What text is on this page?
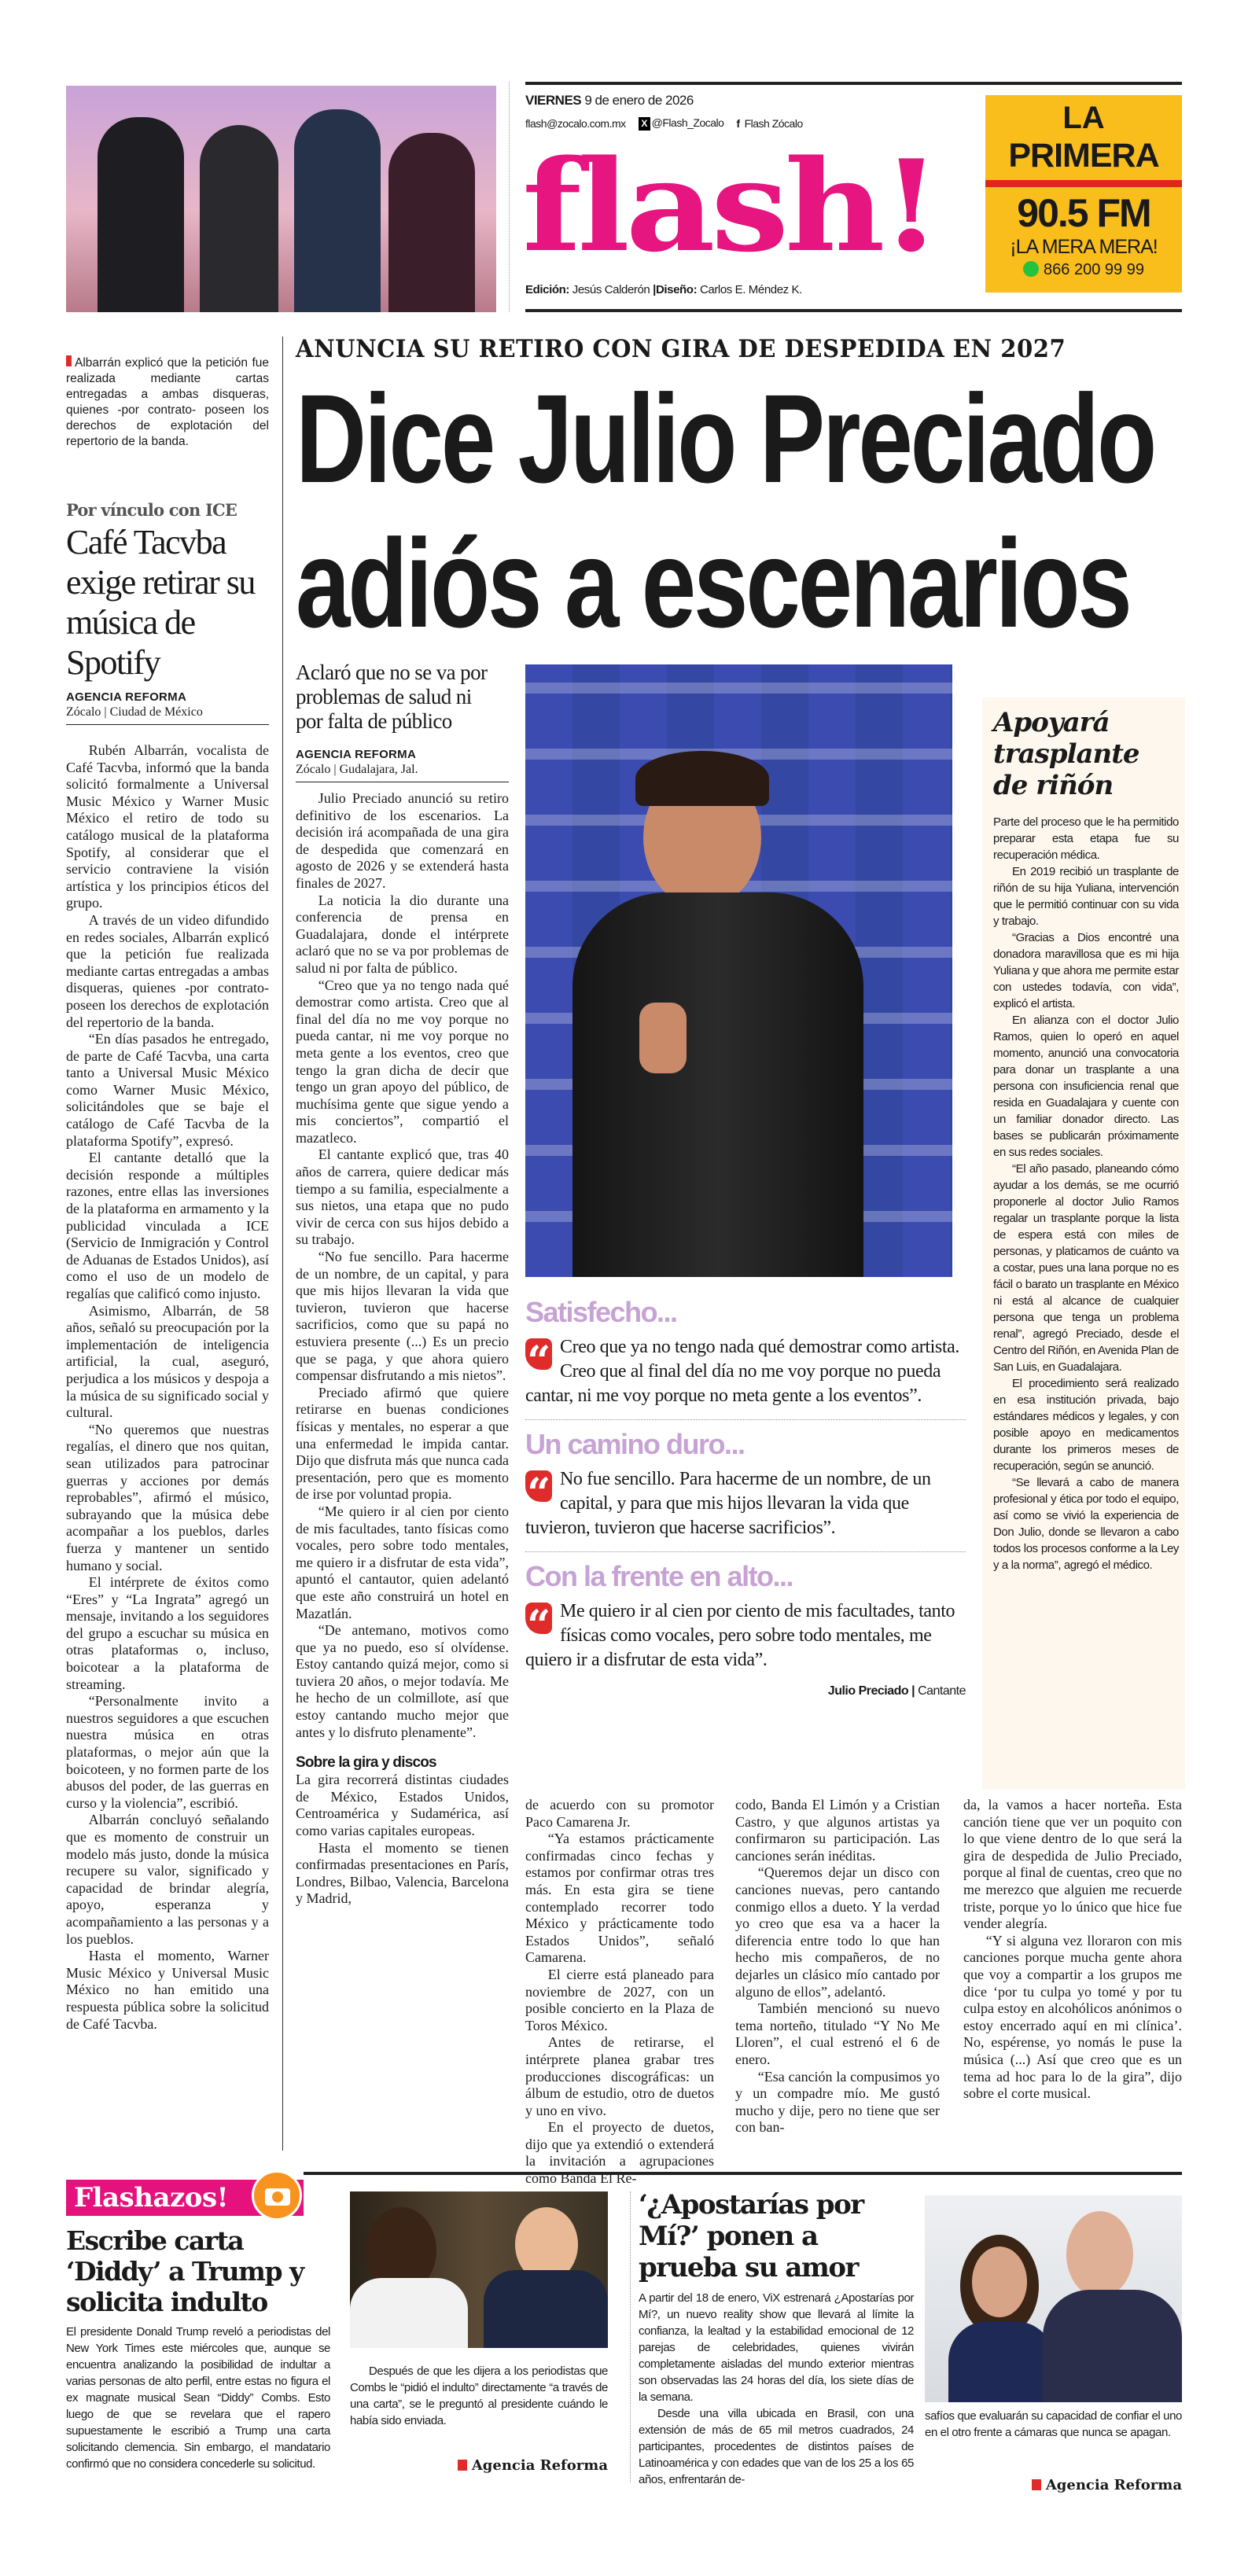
Albarrán explicó que la petición fue realizada mediante cartas entregadas a ambas disqueras, quienes -por contrato- poseen los derechos de explotación del repertorio de la banda.
VIERNES 9 de enero de 2026
flash@zocalo.com.mx	X @Flash_Zocalo f Flash Zócalo
flash!
Edición: Jesús Calderón |Diseño: Carlos E. Méndez K.
LA
PRIMERA
90.5 FM
¡LA MERA MERA!
866 200 99 99
Por vínculo con ICE
Café Tacvba exige retirar su música de Spotify
AGENCIA REFORMA
Zócalo | Ciudad de México

Rubén Albarrán, vocalista de Café Tacvba, informó que la banda solicitó formalmente a Universal Music México y Warner Music México el retiro de todo su catálogo musical de la plataforma Spotify, al considerar que el servicio contraviene la visión artística y los principios éticos del grupo.

A través de un video difundido en redes sociales, Albarrán explicó que la petición fue realizada mediante cartas entregadas a ambas disqueras, quienes -por contrato- poseen los derechos de explotación del repertorio de la banda.

“En días pasados he entregado, de parte de Café Tacvba, una carta tanto a Universal Music México como Warner Music México, solicitándoles que se baje el catálogo de Café Tacvba de la plataforma Spotify”, expresó.

El cantante detalló que la decisión responde a múltiples razones, entre ellas las inversiones de la plataforma en armamento y la publicidad vinculada a ICE (Servicio de Inmigración y Control de Aduanas de Estados Unidos), así como el uso de un modelo de regalías que calificó como injusto.

Asimismo, Albarrán, de 58 años, señaló su preocupación por la implementación de inteligencia artificial, la cual, aseguró, perjudica a los músicos y despoja a la música de su significado social y cultural.

“No queremos que nuestras regalías, el dinero que nos quitan, sean utilizados para patrocinar guerras y acciones por demás reprobables”, afirmó el músico, subrayando que la música debe acompañar a los pueblos, darles fuerza y mantener un sentido humano y social.

El intérprete de éxitos como “Eres” y “La Ingrata” agregó un mensaje, invitando a los seguidores del grupo a escuchar su música en otras plataformas o, incluso, boicotear a la plataforma de streaming.

“Personalmente invito a nuestros seguidores a que escuchen nuestra música en otras plataformas, o mejor aún que la boicoteen, y no formen parte de los abusos del poder, de las guerras en curso y la violencia”, escribió.

Albarrán concluyó señalando que es momento de construir un modelo más justo, donde la música recupere su valor, significado y capacidad de brindar alegría, apoyo, esperanza y acompañamiento a las personas y a los pueblos.

Hasta el momento, Warner Music México y Universal Music México no han emitido una respuesta pública sobre la solicitud de Café Tacvba.

ANUNCIA SU RETIRO CON GIRA DE DESPEDIDA EN 2027
Dice Julio Preciado
adiós a escenarios
Aclaró que no se va por problemas de salud ni por falta de público
AGENCIA REFORMA
Zócalo | Gudalajara, Jal.

Julio Preciado anunció su retiro definitivo de los escenarios. La decisión irá acompañada de una gira de despedida que comenzará en agosto de 2026 y se extenderá hasta finales de 2027.

La noticia la dio durante una conferencia de prensa en Guadalajara, donde el intérprete aclaró que no se va por problemas de salud ni por falta de público.

“Creo que ya no tengo nada qué demostrar como artista. Creo que al final del día no me voy porque no pueda cantar, ni me voy porque no meta gente a los eventos, creo que tengo la gran dicha de decir que tengo un gran apoyo del público, de muchísima gente que sigue yendo a mis conciertos”, compartió el mazatleco.

El cantante explicó que, tras 40 años de carrera, quiere dedicar más tiempo a su familia, especialmente a sus nietos, una etapa que no pudo vivir de cerca con sus hijos debido a su trabajo.

“No fue sencillo. Para hacerme de un nombre, de un capital, y para que mis hijos llevaran la vida que tuvieron, tuvieron que hacerse sacrificios, como que su papá no estuviera presente (...) Es un precio que se paga, y que ahora quiero compensar disfrutando a mis nietos”.

Preciado afirmó que quiere retirarse en buenas condiciones físicas y mentales, no esperar a que una enfermedad le impida cantar. Dijo que disfruta más que nunca cada presentación, pero que es momento de irse por voluntad propia.

“Me quiero ir al cien por ciento de mis facultades, tanto físicas como vocales, pero sobre todo mentales, me quiero ir a disfrutar de esta vida”, apuntó el cantautor, quien adelantó que este año construirá un hotel en Mazatlán.

“De antemano, motivos como que ya no puedo, eso sí olvídense. Estoy cantando quizá mejor, como si tuviera 20 años, o mejor todavía. Me he hecho de un colmillote, así que estoy cantando mucho mejor que antes y lo disfruto plenamente”.

Sobre la gira y discos

La gira recorrerá distintas ciudades de México, Estados Unidos, Centroamérica y Sudamérica, así como varias capitales europeas.

Hasta el momento se tienen confirmadas presentaciones en París, Londres, Bilbao, Valencia, Barcelona y Madrid,

Satisfecho...
“ Creo que ya no tengo nada qué demostrar como artista. Creo que al final del día no me voy porque no pueda cantar, ni me voy porque no meta gente a los eventos”.
Un camino duro...
“ No fue sencillo. Para hacerme de un nombre, de un capital, y para que mis hijos llevaran la vida que tuvieron, tuvieron que hacerse sacrificios”.
Con la frente en alto...
“ Me quiero ir al cien por ciento de mis facultades, tanto físicas como vocales, pero sobre todo mentales, me quiero ir a disfrutar de esta vida”.
Julio Preciado | Cantante
Apoyará trasplante de riñón

Parte del proceso que le ha permitido preparar esta etapa fue su recuperación médica.

En 2019 recibió un trasplante de riñón de su hija Yuliana, intervención que le permitió continuar con su vida y trabajo.

“Gracias a Dios encontré una donadora maravillosa que es mi hija Yuliana y que ahora me permite estar con ustedes todavía, con vida”, explicó el artista.

En alianza con el doctor Julio Ramos, quien lo operó en aquel momento, anunció una convocatoria para donar un trasplante a una persona con insuficiencia renal que resida en Guadalajara y cuente con un familiar donador directo. Las bases se publicarán próximamente en sus redes sociales.

“El año pasado, planeando cómo ayudar a los demás, se me ocurrió proponerle al doctor Julio Ramos regalar un trasplante porque la lista de espera está con miles de personas, y platicamos de cuánto va a costar, pues una lana porque no es fácil o barato un trasplante en México ni está al alcance de cualquier persona que tenga un problema renal”, agregó Preciado, desde el Centro del Riñón, en Avenida Plan de San Luis, en Guadalajara.

El procedimiento será realizado en esa institución privada, bajo estándares médicos y legales, y con posible apoyo en medicamentos durante los primeros meses de recuperación, según se anunció.

“Se llevará a cabo de manera profesional y ética por todo el equipo, así como se vivió la experiencia de Don Julio, donde se llevaron a cabo todos los procesos conforme a la Ley y a la norma”, agregó el médico.

de acuerdo con su promotor Paco Camarena Jr.

“Ya estamos prácticamente confirmadas cinco fechas y estamos por confirmar otras tres más. En esta gira se tiene contemplado recorrer todo México y prácticamente todo Estados Unidos”, señaló Camarena.

El cierre está planeado para noviembre de 2027, con un posible concierto en la Plaza de Toros México.

Antes de retirarse, el intérprete planea grabar tres producciones discográficas: un álbum de estudio, otro de duetos y uno en vivo.

En el proyecto de duetos, dijo que ya extendió o extenderá la invitación a agrupaciones como Banda El Re-

codo, Banda El Limón y a Cristian Castro, y que algunos artistas ya confirmaron su participación. Las canciones serán inéditas.

“Queremos dejar un disco con canciones nuevas, pero cantando conmigo ellos a dueto. Y la verdad yo creo que esa va a hacer la diferencia entre todo lo que han hecho mis compañeros, de no dejarles un clásico mío cantado por alguno de ellos”, adelantó.

También mencionó su nuevo tema norteño, titulado “Y No Me Lloren”, el cual estrenó el 6 de enero.

“Esa canción la compusimos yo y un compadre mío. Me gustó mucho y dije, pero no tiene que ser con ban-

da, la vamos a hacer norteña. Esta canción tiene que ver un poquito con lo que viene dentro de lo que será la gira de despedida de Julio Preciado, porque al final de cuentas, creo que no me merezco que alguien me recuerde triste, porque yo lo único que hice fue vender alegría.

“Y si alguna vez lloraron con mis canciones porque mucha gente ahora que voy a compartir a los grupos me dice ‘por tu culpa yo tomé y por tu culpa estoy en alcohólicos anónimos o estoy encerrado aquí en mi clínica’. No, espérense, yo nomás le puse la música (...) Así que creo que es un tema ad hoc para lo de la gira”, dijo sobre el corte musical.

Flashazos!
Escribe carta ‘Diddy’ a Trump y solicita indulto

El presidente Donald Trump reveló a periodistas del New York Times este miércoles que, aunque se encuentra analizando la posibilidad de indultar a varias personas de alto perfil, entre estas no figura el ex magnate musical Sean “Diddy” Combs. Esto luego de que se revelara que el rapero supuestamente le escribió a Trump una carta solicitando clemencia. Sin embargo, el mandatario confirmó que no considera concederle su solicitud.

Después de que les dijera a los periodistas que Combs le “pidió el indulto” directamente “a través de una carta”, se le preguntó al presidente cuándo le había sido enviada.

Agencia Reforma
‘¿Apostarías por Mí?’ ponen a prueba su amor

A partir del 18 de enero, ViX estrenará ¿Apostarías por Mí?, un nuevo reality show que llevará al límite la confianza, la lealtad y la estabilidad emocional de 12 parejas de celebridades, quienes vivirán completamente aisladas del mundo exterior mientras son observadas las 24 horas del día, los siete días de la semana.

Desde una villa ubicada en Brasil, con una extensión de más de 65 mil metros cuadrados, 24 participantes, procedentes de distintos países de Latinoamérica y con edades que van de los 25 a los 65 años, enfrentarán de-

safíos que evaluarán su capacidad de confiar el uno en el otro frente a cámaras que nunca se apagan.

Agencia Reforma
